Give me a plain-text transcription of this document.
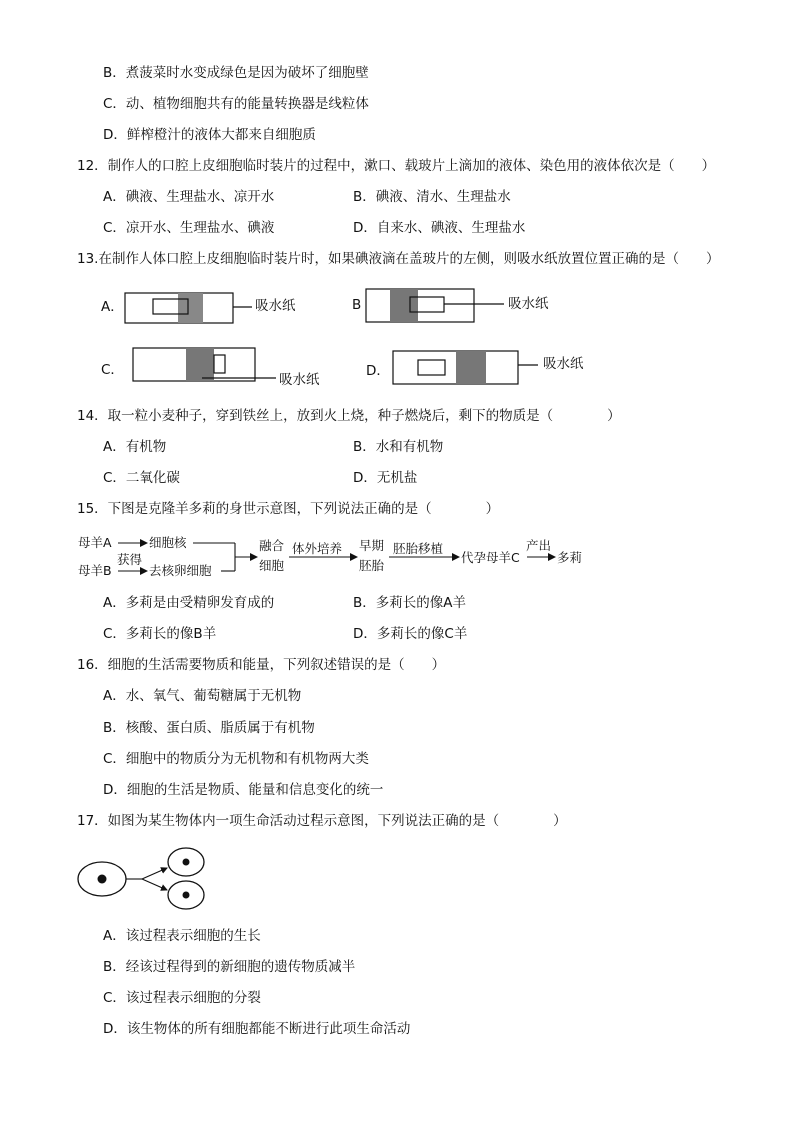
B．煮菠菜时水变成绿色是因为破坏了细胞壁
C．动、植物细胞共有的能量转换器是线粒体
D．鲜榨橙汁的液体大都来自细胞质
12．制作人的口腔上皮细胞临时装片的过程中，漱口、载玻片上滴加的液体、染色用的液体依次是（　　）
A．碘液、生理盐水、凉开水	B．碘液、清水、生理盐水
C．凉开水、生理盐水、碘液	D．自来水、碘液、生理盐水
13.在制作人体口腔上皮细胞临时装片时，如果碘液滴在盖玻片的左侧，则吸水纸放置位置正确的是（　　）
A．	吸水纸	B	吸水纸
C．
吸水纸
D．	吸水纸
14．取一粒小麦种子，穿到铁丝上，放到火上烧，种子燃烧后，剩下的物质是（　　　　）
A．有机物	B．水和有机物
C．二氧化碳	D．无机盐
15．下图是克隆羊多莉的身世示意图，下列说法正确的是（　　　　）
母羊A	细胞核
母羊B
获得
去核卵细胞
融合
细胞
体外培养 早期
胚胎
胚胎移植
代孕母羊C
产出
多莉
A．多莉是由受精卵发育成的	B．多莉长的像A羊
C．多莉长的像B羊	D．多莉长的像C羊
16．细胞的生活需要物质和能量，下列叙述错误的是（　　）
A．水、氧气、葡萄糖属于无机物
B．核酸、蛋白质、脂质属于有机物
C．细胞中的物质分为无机物和有机物两大类
D．细胞的生活是物质、能量和信息变化的统一
17．如图为某生物体内一项生命活动过程示意图，下列说法正确的是（　　　　）
A．该过程表示细胞的生长
B．经该过程得到的新细胞的遗传物质减半
C．该过程表示细胞的分裂
D．该生物体的所有细胞都能不断进行此项生命活动
